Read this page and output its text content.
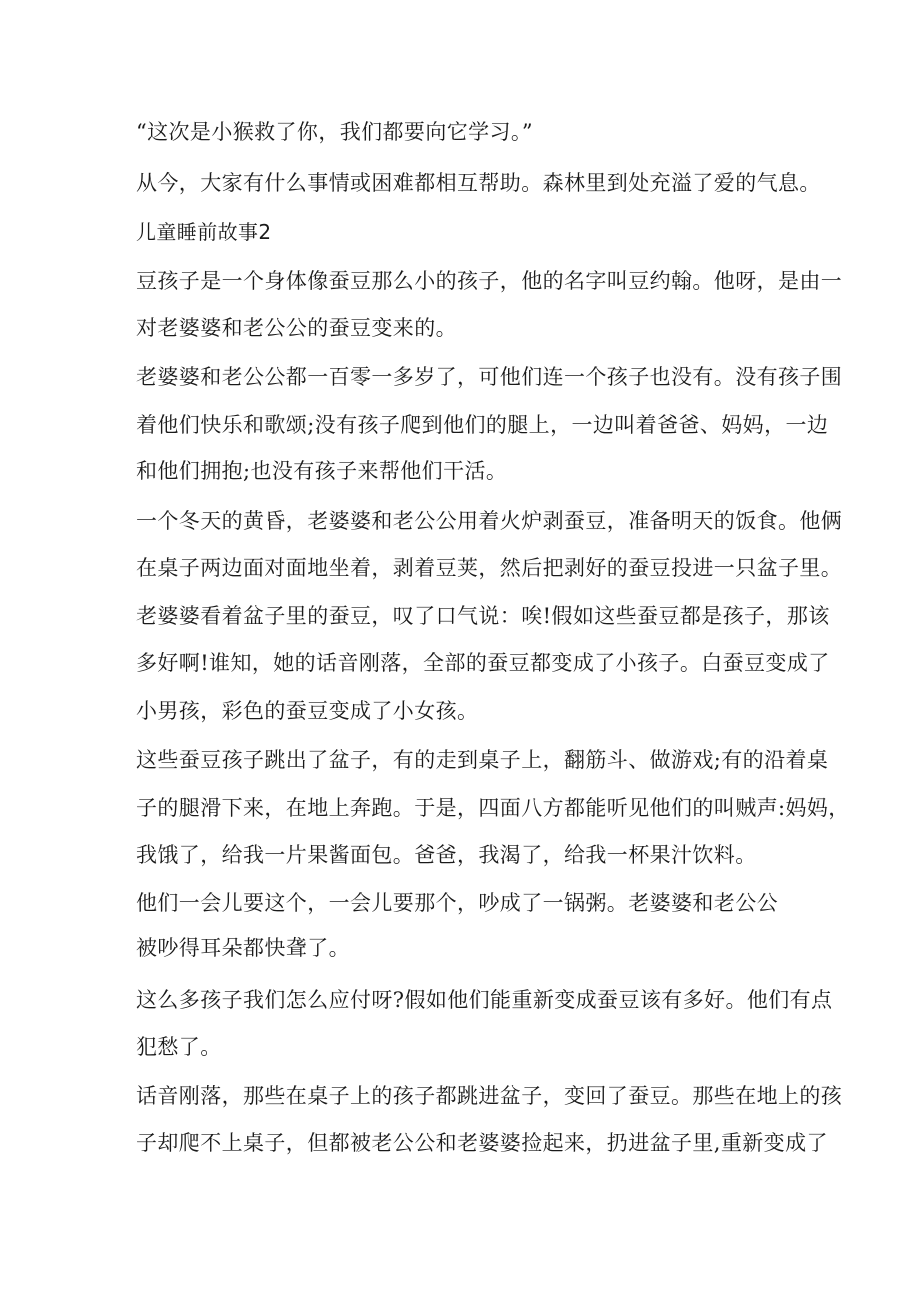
“这次是小猴救了你，我们都要向它学习。”
从今，大家有什么事情或困难都相互帮助。森林里到处充溢了爱的气息。
儿童睡前故事2
豆孩子是一个身体像蚕豆那么小的孩子，他的名字叫豆约翰。他呀，是由一
对老婆婆和老公公的蚕豆变来的。
老婆婆和老公公都一百零一多岁了，可他们连一个孩子也没有。没有孩子围
着他们快乐和歌颂;没有孩子爬到他们的腿上，一边叫着爸爸、妈妈，一边
和他们拥抱;也没有孩子来帮他们干活。
一个冬天的黄昏，老婆婆和老公公用着火炉剥蚕豆，准备明天的饭食。他俩
在桌子两边面对面地坐着，剥着豆荚，然后把剥好的蚕豆投进一只盆子里。
老婆婆看着盆子里的蚕豆，叹了口气说：唉!假如这些蚕豆都是孩子，那该
多好啊!谁知，她的话音刚落，全部的蚕豆都变成了小孩子。白蚕豆变成了
小男孩，彩色的蚕豆变成了小女孩。
这些蚕豆孩子跳出了盆子，有的走到桌子上，翻筋斗、做游戏;有的沿着桌
子的腿滑下来，在地上奔跑。于是，四面八方都能听见他们的叫贼声:妈妈，
我饿了，给我一片果酱面包。爸爸，我渴了，给我一杯果汁饮料。
他们一会儿要这个，一会儿要那个，吵成了一锅粥。老婆婆和老公公
被吵得耳朵都快聋了。
这么多孩子我们怎么应付呀?假如他们能重新变成蚕豆该有多好。他们有点
犯愁了。
话音刚落，那些在桌子上的孩子都跳进盆子，变回了蚕豆。那些在地上的孩
子却爬不上桌子，但都被老公公和老婆婆捡起来，扔进盆子里,重新变成了
